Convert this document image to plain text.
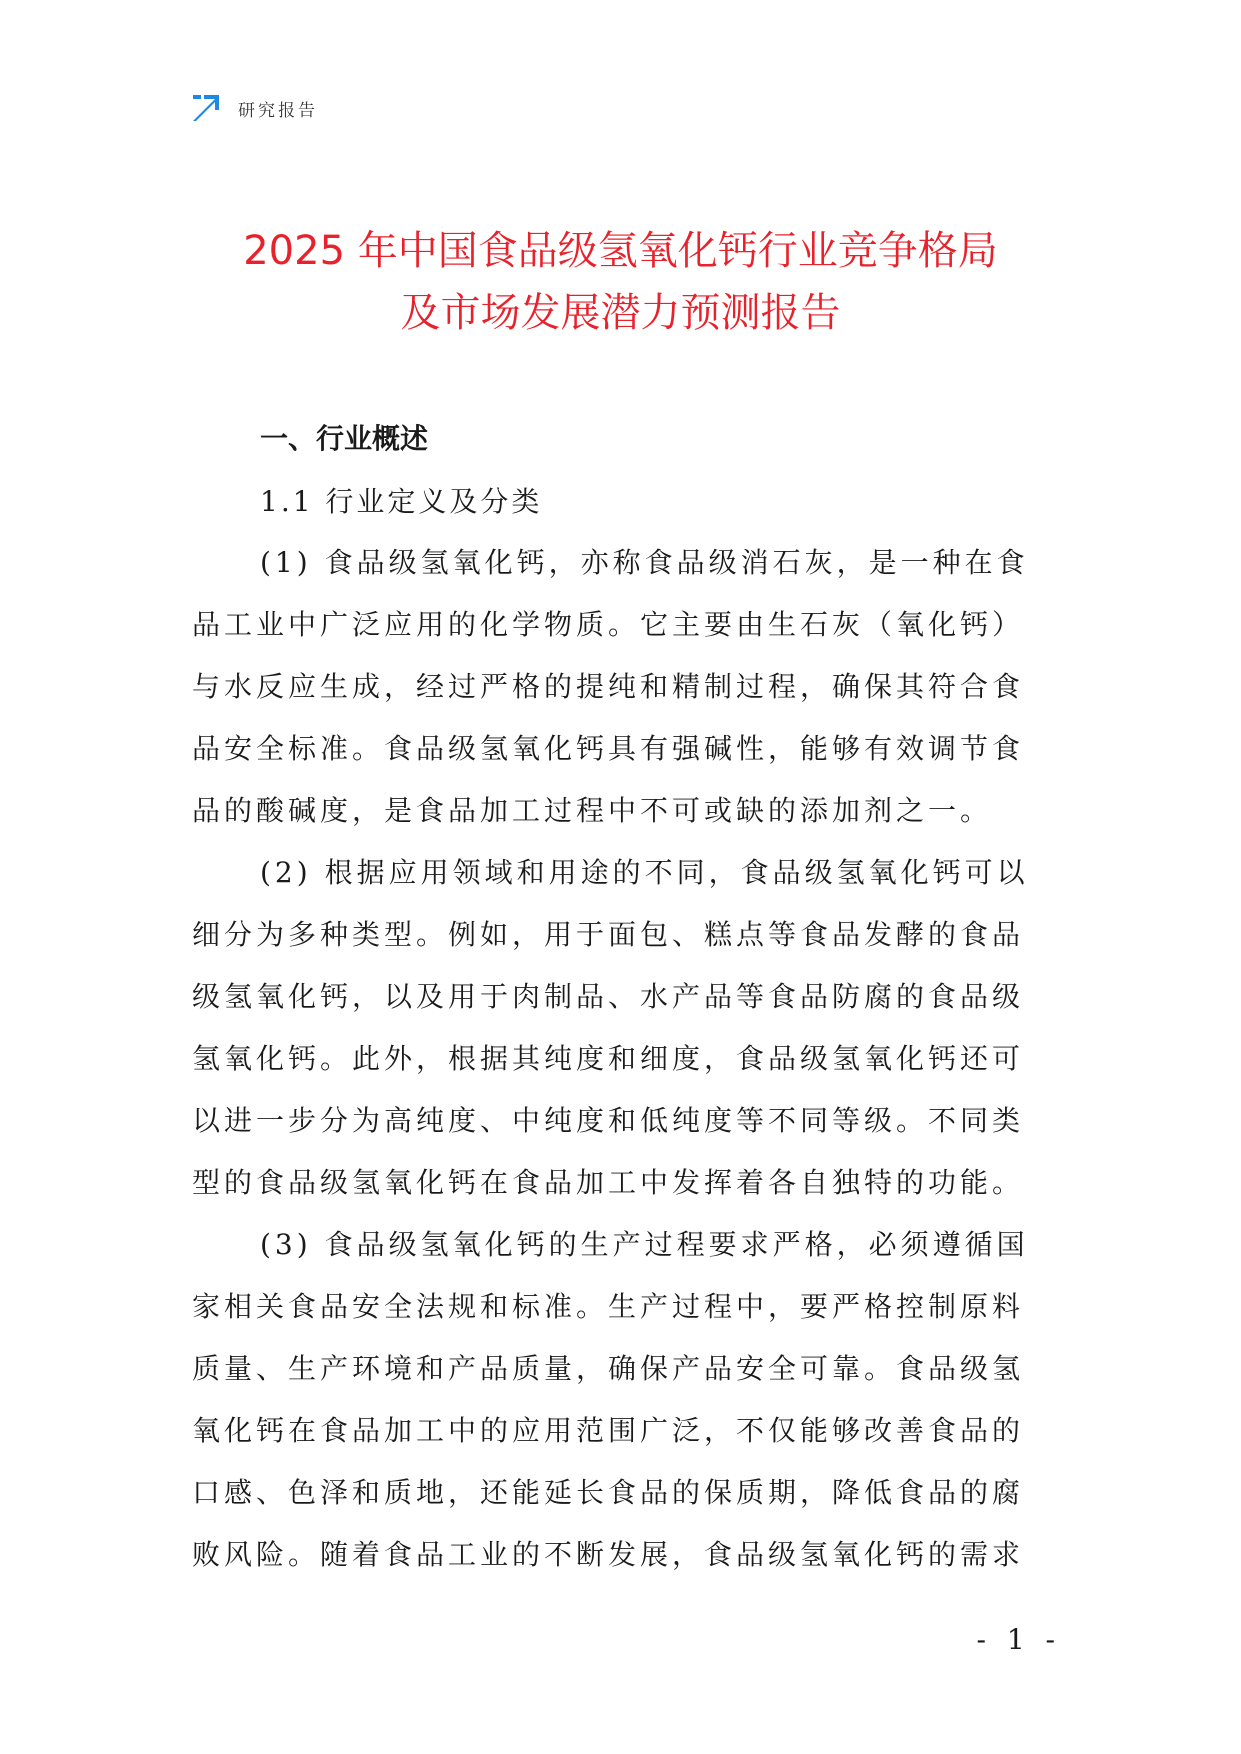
研究报告
2025 年中国食品级氢氧化钙行业竞争格局
及市场发展潜力预测报告

一、行业概述

1.1 行业定义及分类

(1) 食品级氢氧化钙，亦称食品级消石灰，是一种在食
品工业中广泛应用的化学物质。它主要由生石灰（氧化钙）
与水反应生成，经过严格的提纯和精制过程，确保其符合食
品安全标准。食品级氢氧化钙具有强碱性，能够有效调节食
品的酸碱度，是食品加工过程中不可或缺的添加剂之一。

(2) 根据应用领域和用途的不同，食品级氢氧化钙可以
细分为多种类型。例如，用于面包、糕点等食品发酵的食品
级氢氧化钙，以及用于肉制品、水产品等食品防腐的食品级
氢氧化钙。此外，根据其纯度和细度，食品级氢氧化钙还可
以进一步分为高纯度、中纯度和低纯度等不同等级。不同类
型的食品级氢氧化钙在食品加工中发挥着各自独特的功能。

(3) 食品级氢氧化钙的生产过程要求严格，必须遵循国
家相关食品安全法规和标准。生产过程中，要严格控制原料
质量、生产环境和产品质量，确保产品安全可靠。食品级氢
氧化钙在食品加工中的应用范围广泛，不仅能够改善食品的
口感、色泽和质地，还能延长食品的保质期，降低食品的腐
败风险。随着食品工业的不断发展，食品级氢氧化钙的需求

- 1 -
